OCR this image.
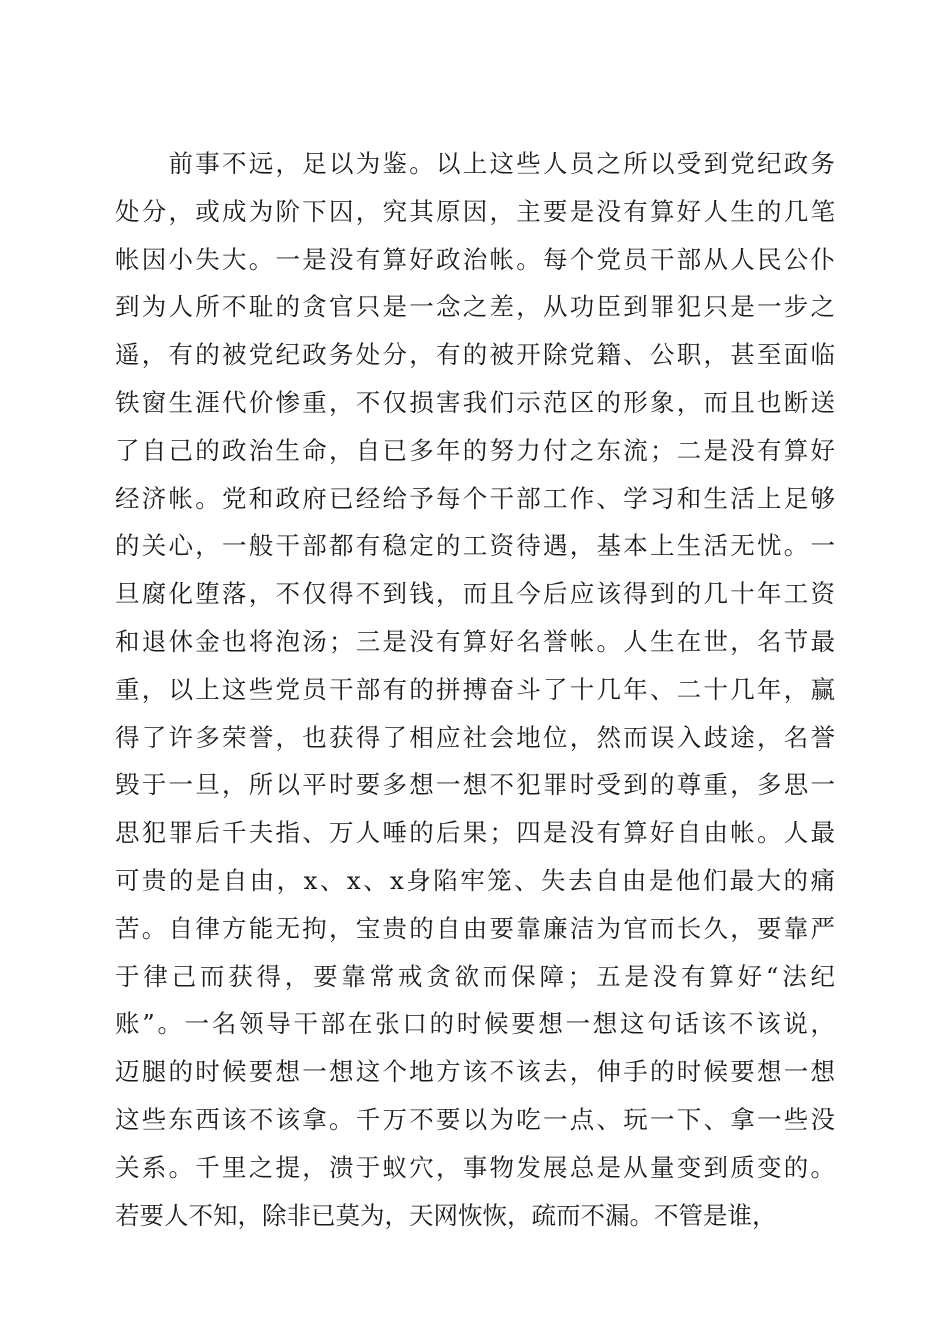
　　前事不远，足以为鉴。以上这些人员之所以受到党纪政务
处分，或成为阶下囚，究其原因，主要是没有算好人生的几笔
帐因小失大。一是没有算好政治帐。每个党员干部从人民公仆
到为人所不耻的贪官只是一念之差，从功臣到罪犯只是一步之
遥，有的被党纪政务处分，有的被开除党籍、公职，甚至面临
铁窗生涯代价惨重，不仅损害我们示范区的形象，而且也断送
了自己的政治生命，自已多年的努力付之东流；二是没有算好
经济帐。党和政府已经给予每个干部工作、学习和生活上足够
的关心，一般干部都有稳定的工资待遇，基本上生活无忧。一
旦腐化堕落，不仅得不到钱，而且今后应该得到的几十年工资
和退休金也将泡汤；三是没有算好名誉帐。人生在世，名节最
重，以上这些党员干部有的拼搏奋斗了十几年、二十几年，赢
得了许多荣誉，也获得了相应社会地位，然而误入歧途，名誉
毁于一旦，所以平时要多想一想不犯罪时受到的尊重，多思一
思犯罪后千夫指、万人唾的后果；四是没有算好自由帐。人最
可贵的是自由，x、x、x身陷牢笼、失去自由是他们最大的痛
苦。自律方能无拘，宝贵的自由要靠廉洁为官而长久，要靠严
于律己而获得，要靠常戒贪欲而保障；五是没有算好“法纪
账”。一名领导干部在张口的时候要想一想这句话该不该说，
迈腿的时候要想一想这个地方该不该去，伸手的时候要想一想
这些东西该不该拿。千万不要以为吃一点、玩一下、拿一些没
关系。千里之提，溃于蚁穴，事物发展总是从量变到质变的。
若要人不知，除非已莫为，天网恢恢，疏而不漏。不管是谁，
